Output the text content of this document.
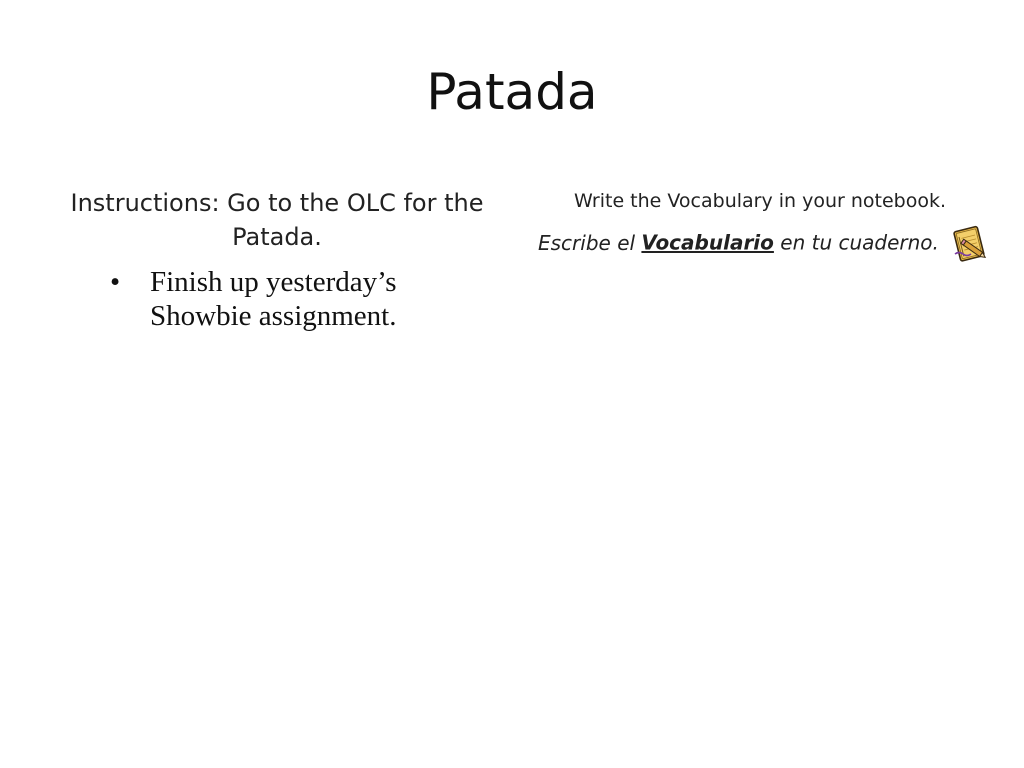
Patada

Instructions: Go to the OLC for the Patada.

• Finish up yesterday’s Showbie assignment.
Write the Vocabulary in your notebook.
Escribe el Vocabulario en tu cuaderno.
